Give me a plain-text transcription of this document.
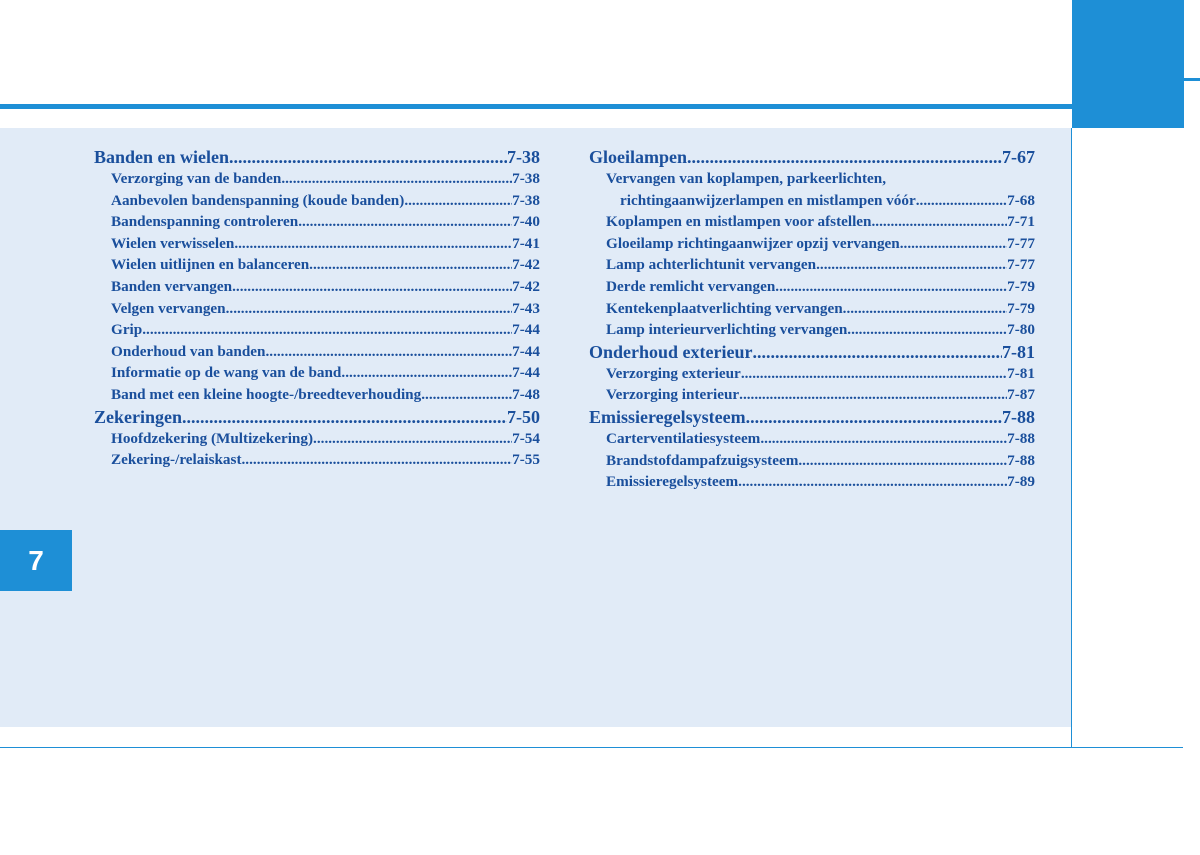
7
Banden en wielen .....	7-38
Verzorging van de banden .....	7-38
Aanbevolen bandenspanning (koude banden) .....	7-38
Bandenspanning controleren .....	7-40
Wielen verwisselen .....	7-41
Wielen uitlijnen en balanceren .....	7-42
Banden vervangen .....	7-42
Velgen vervangen .....	7-43
Grip .....	7-44
Onderhoud van banden .....	7-44
Informatie op de wang van de band .....	7-44
Band met een kleine hoogte-/breedteverhouding .....	7-48
Zekeringen .....	7-50
Hoofdzekering (Multizekering) .....	7-54
Zekering-/relaiskast .....	7-55
Gloeilampen .....	7-67
Vervangen van koplampen, parkeerlichten,
richtingaanwijzerlampen en mistlampen vóór .....	7-68
Koplampen en mistlampen voor afstellen .....	7-71
Gloeilamp richtingaanwijzer opzij vervangen .....	7-77
Lamp achterlichtunit vervangen .....	7-77
Derde remlicht vervangen .....	7-79
Kentekenplaatverlichting vervangen .....	7-79
Lamp interieurverlichting vervangen .....	7-80
Onderhoud exterieur .....	7-81
Verzorging exterieur .....	7-81
Verzorging interieur .....	7-87
Emissieregelsysteem .....	7-88
Carterventilatiesysteem .....	7-88
Brandstofdampafzuigsysteem .....	7-88
Emissieregelsysteem .....	7-89
